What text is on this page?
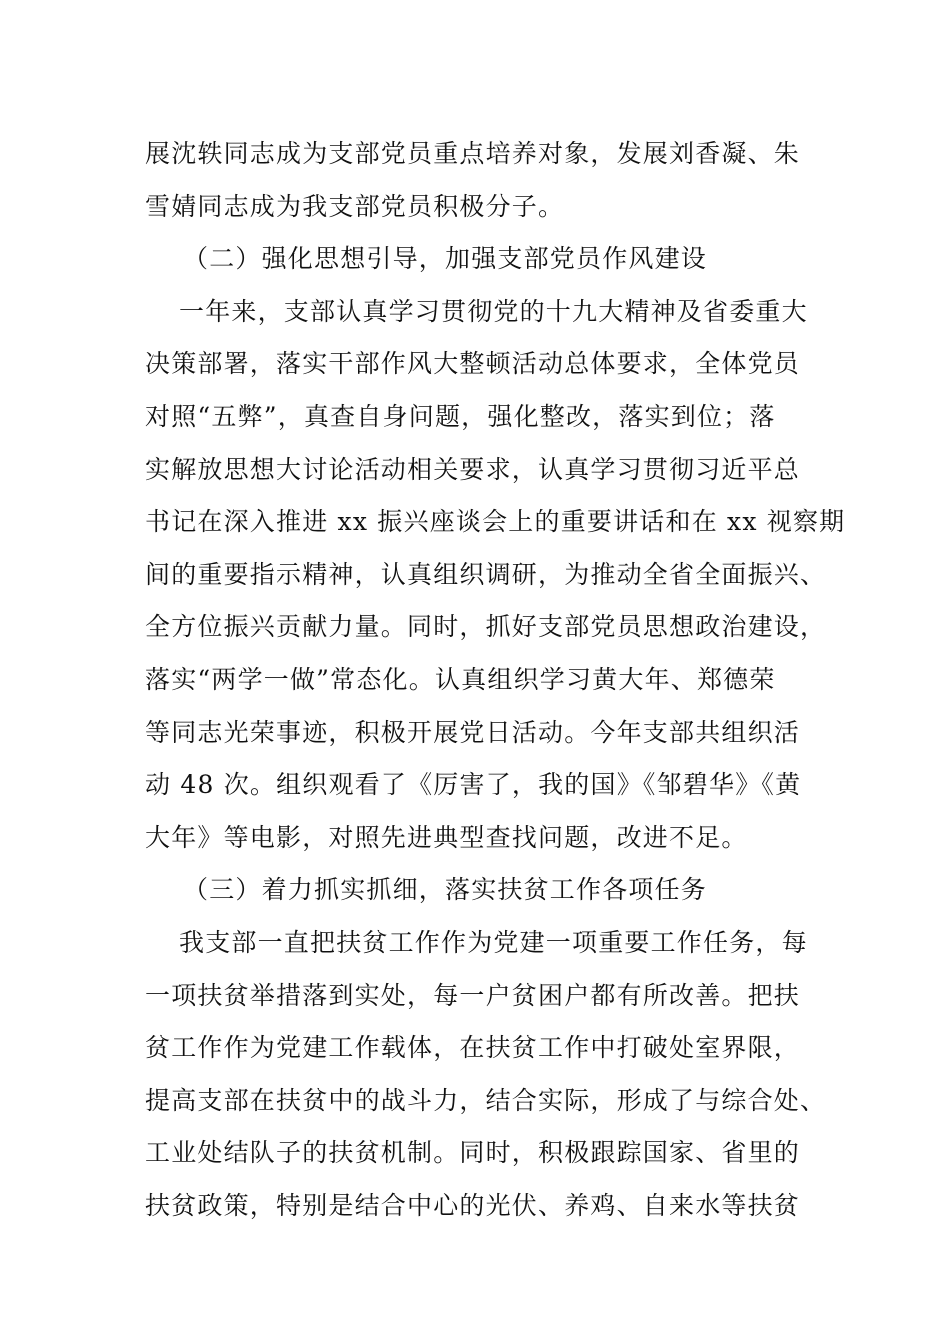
展沈轶同志成为支部党员重点培养对象，发展刘香凝、朱
雪婧同志成为我支部党员积极分子。
（二）强化思想引导，加强支部党员作风建设
一年来，支部认真学习贯彻党的十九大精神及省委重大
决策部署，落实干部作风大整顿活动总体要求，全体党员
对照“五弊”，真查自身问题，强化整改，落实到位；落
实解放思想大讨论活动相关要求，认真学习贯彻习近平总
书记在深入推进 xx 振兴座谈会上的重要讲话和在 xx 视察期
间的重要指示精神，认真组织调研，为推动全省全面振兴、
全方位振兴贡献力量。同时，抓好支部党员思想政治建设，
落实“两学一做”常态化。认真组织学习黄大年、郑德荣
等同志光荣事迹，积极开展党日活动。今年支部共组织活
动 48 次。组织观看了《厉害了，我的国》《邹碧华》《黄
大年》等电影，对照先进典型查找问题，改进不足。
（三）着力抓实抓细，落实扶贫工作各项任务
我支部一直把扶贫工作作为党建一项重要工作任务，每
一项扶贫举措落到实处，每一户贫困户都有所改善。把扶
贫工作作为党建工作载体，在扶贫工作中打破处室界限，
提高支部在扶贫中的战斗力，结合实际，形成了与综合处、
工业处结队子的扶贫机制。同时，积极跟踪国家、省里的
扶贫政策，特别是结合中心的光伏、养鸡、自来水等扶贫
